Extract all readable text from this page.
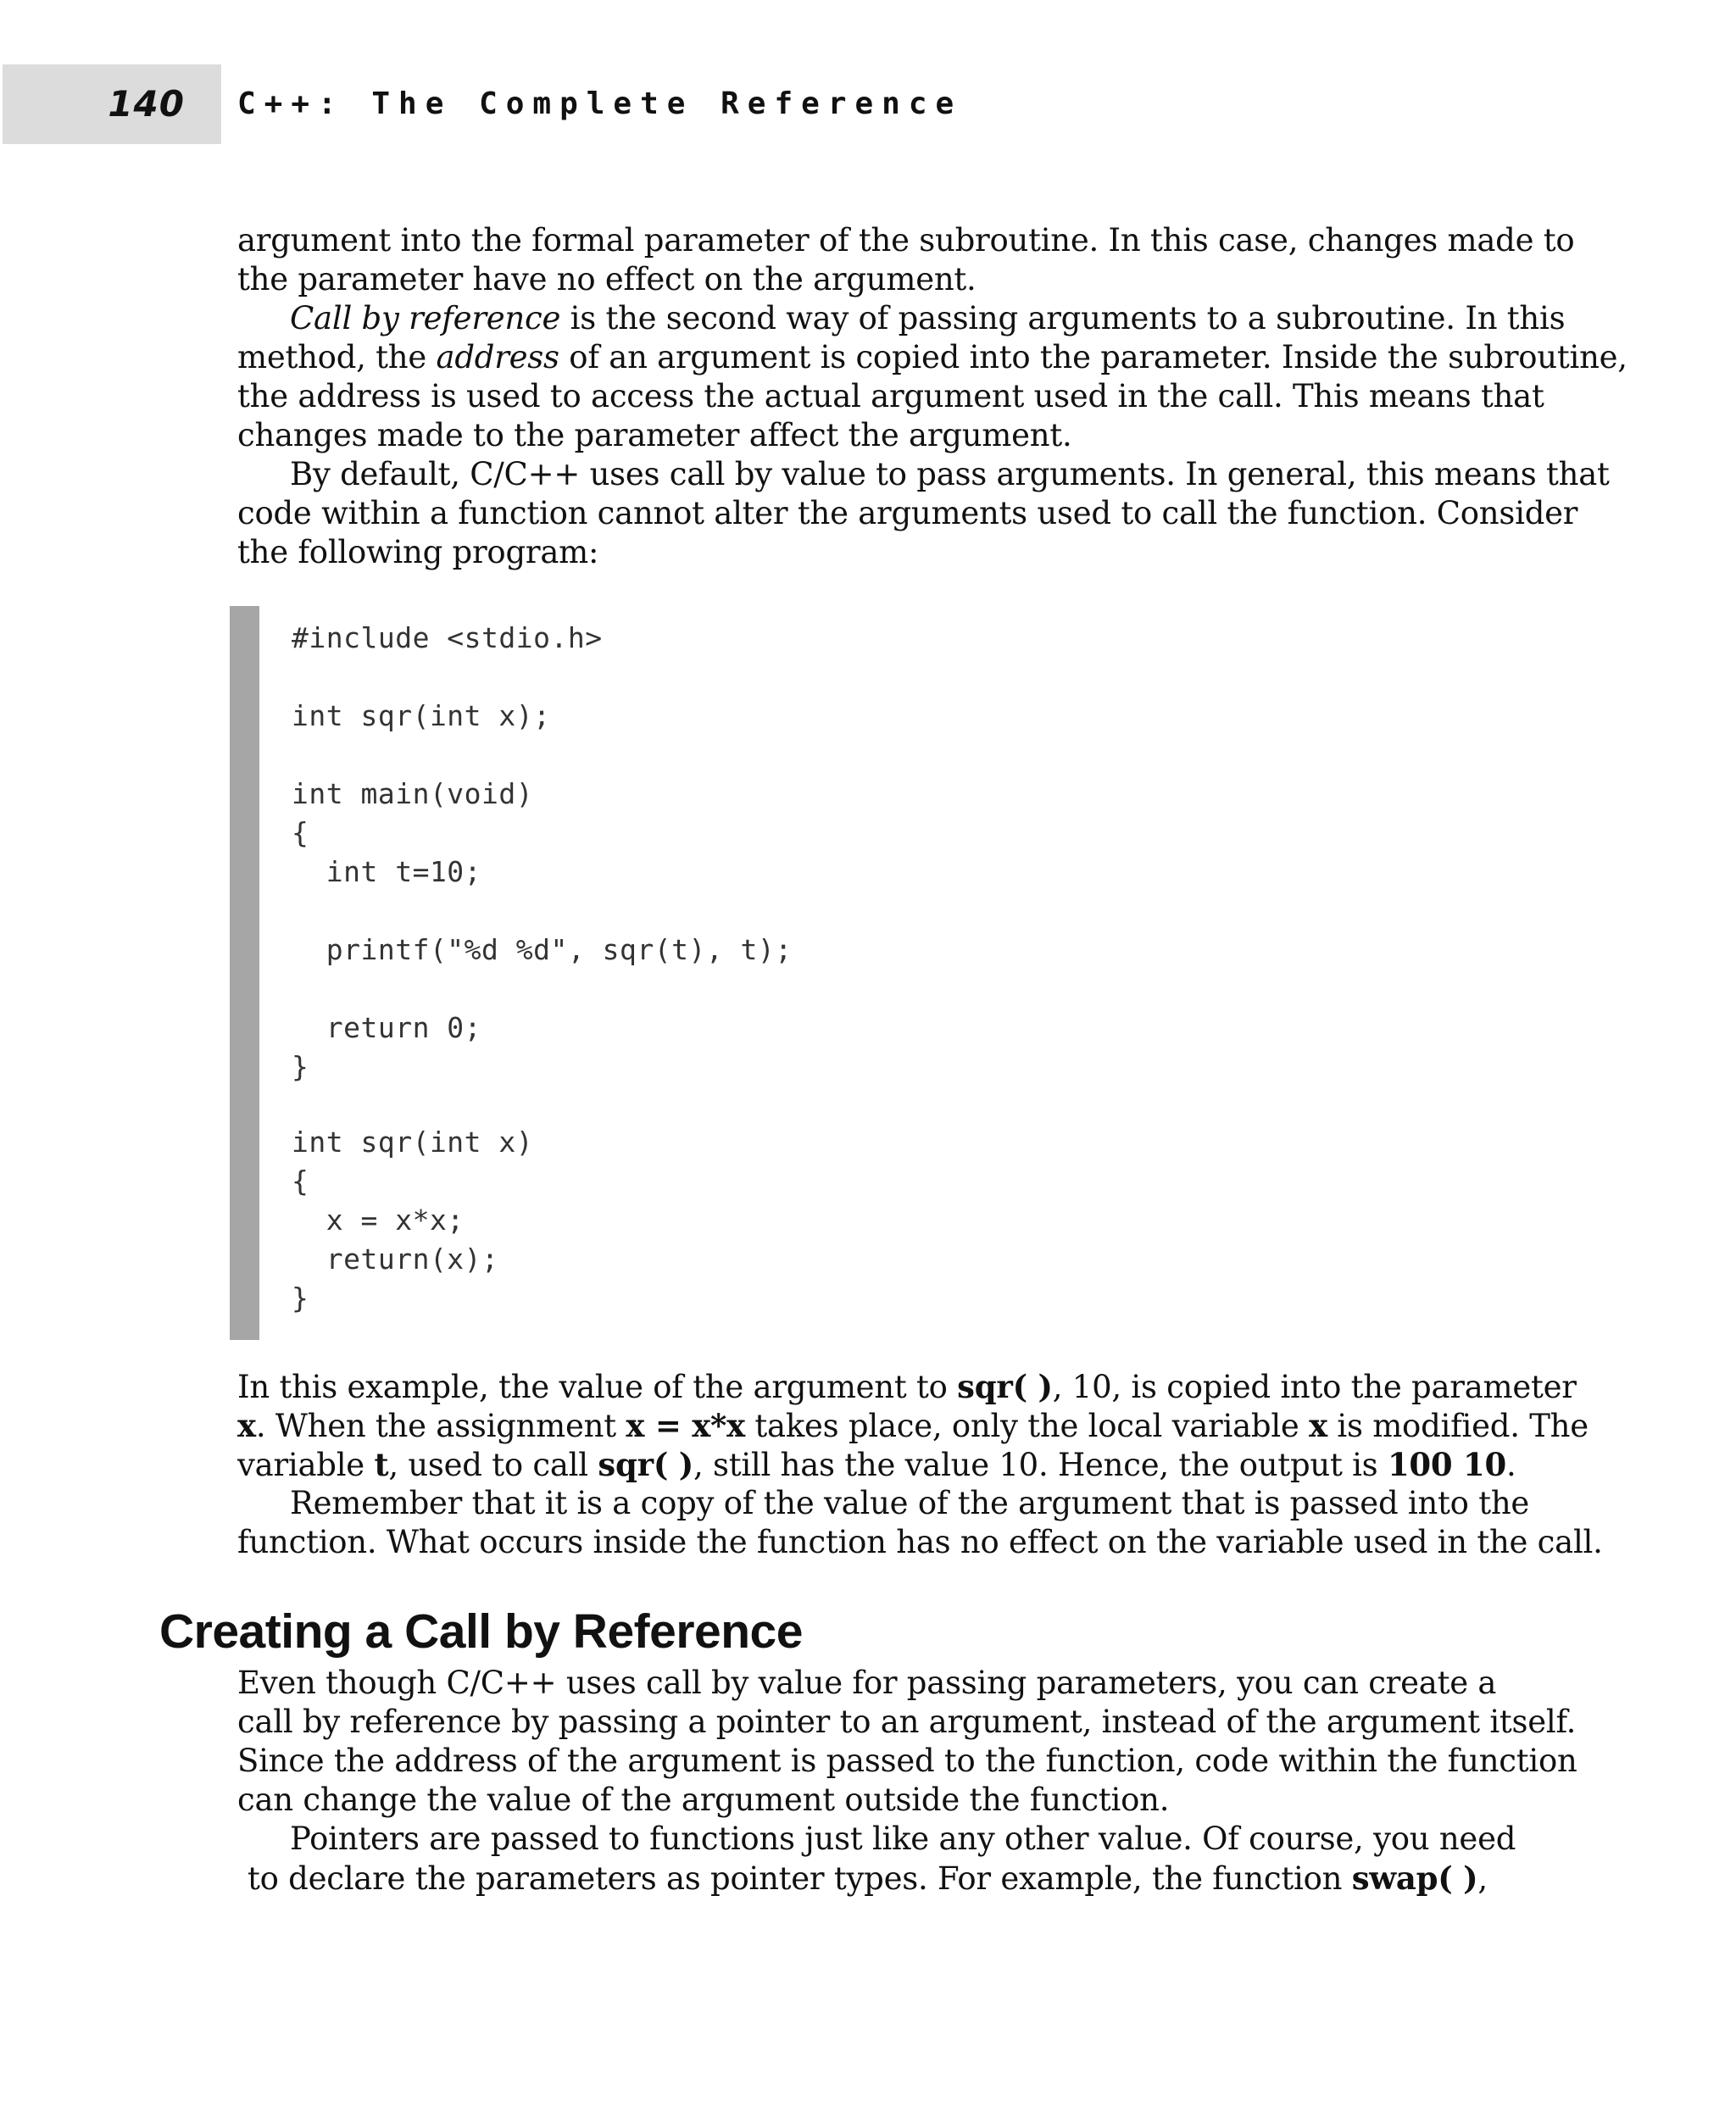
140 C++: The Complete Reference
argument into the formal parameter of the subroutine. In this case, changes made to
the parameter have no effect on the argument.
Call by reference is the second way of passing arguments to a subroutine. In this
method, the address of an argument is copied into the parameter. Inside the subroutine,
the address is used to access the actual argument used in the call. This means that
changes made to the parameter affect the argument.
By default, C/C++ uses call by value to pass arguments. In general, this means that
code within a function cannot alter the arguments used to call the function. Consider
the following program:
#include <stdio.h>
int sqr(int x);
int main(void)
{
int t=10;
printf("%d %d", sqr(t), t);
return 0;
}
int sqr(int x)
{
x = x*x;
return(x);
}
In this example, the value of the argument to sqr( ), 10, is copied into the parameter
x. When the assignment x = x*x takes place, only the local variable x is modified. The
variable t, used to call sqr( ), still has the value 10. Hence, the output is 100 10.
Remember that it is a copy of the value of the argument that is passed into the
function. What occurs inside the function has no effect on the variable used in the call.
Creating a Call by Reference
Even though C/C++ uses call by value for passing parameters, you can create a
call by reference by passing a pointer to an argument, instead of the argument itself.
Since the address of the argument is passed to the function, code within the function
can change the value of the argument outside the function.
Pointers are passed to functions just like any other value. Of course, you need
to declare the parameters as pointer types. For example, the function swap( ),
